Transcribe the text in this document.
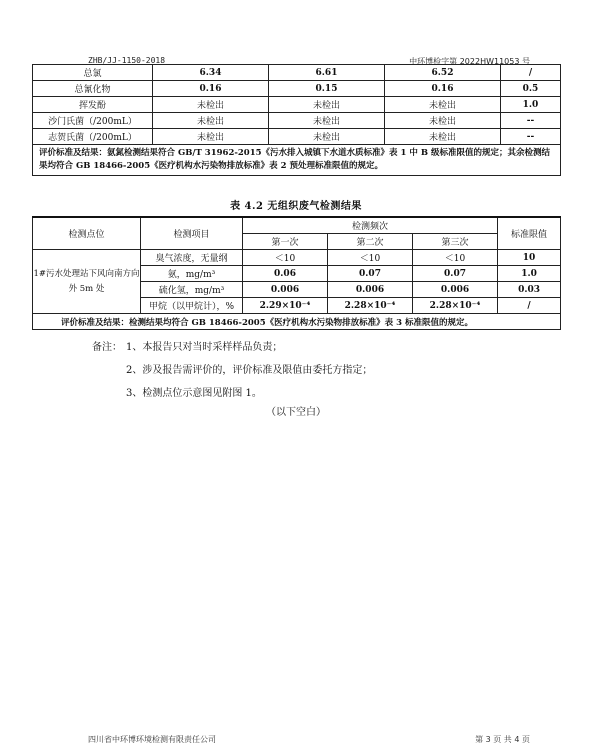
ZHB/JJ-1150-2018	中环博检字第 2022HW11053 号
总氯	6.34	6.61	6.52	/
总氰化物	0.16	0.15	0.16	0.5
挥发酚	未检出	未检出	未检出	1.0
沙门氏菌（/200mL）	未检出	未检出	未检出	--
志贺氏菌（/200mL）	未检出	未检出	未检出	--
评价标准及结果：氨氮检测结果符合 GB/T 31962-2015《污水排入城镇下水道水质标准》表 1 中 B 级标准限值的规定；其余检测结果均符合 GB 18466-2005《医疗机构水污染物排放标准》表 2 预处理标准限值的规定。				
表 4.2 无组织废气检测结果
检测点位	检测项目	检测频次			标准限值
		第一次	第二次	第三次	
1#污水处理站下风向南方向外 5m 处	臭气浓度，无量纲	＜10	＜10	＜10	10
	氨，mg/m³	0.06	0.07	0.07	1.0
	硫化氢，mg/m³	0.006	0.006	0.006	0.03
	甲烷（以甲烷计），%	2.29×10⁻⁴	2.28×10⁻⁴	2.28×10⁻⁴	/
评价标准及结果：检测结果均符合 GB 18466-2005《医疗机构水污染物排放标准》表 3 标准限值的规定。					
备注： 1、本报告只对当时采样样品负责；
2、涉及报告需评价的，评价标准及限值由委托方指定；
3、检测点位示意图见附图 1。
（以下空白）
四川省中环博环境检测有限责任公司	第 3 页 共 4 页
